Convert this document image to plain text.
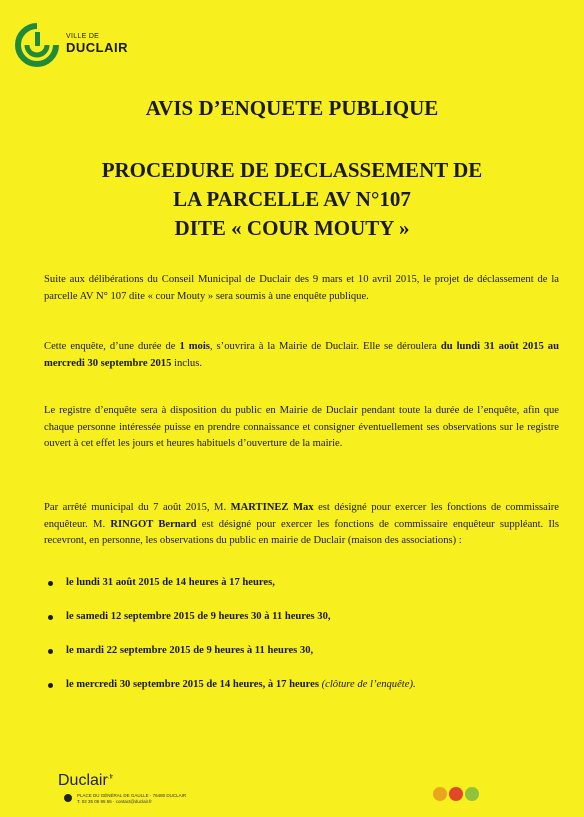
VILLE DE
DUCLAIR
AVIS D’ENQUETE PUBLIQUE
PROCEDURE DE DECLASSEMENT DE
LA PARCELLE AV N°107
DITE « COUR MOUTY »
Suite aux délibérations du Conseil Municipal de Duclair des 9 mars et 10 avril 2015, le projet de déclassement de la parcelle AV N° 107 dite « cour Mouty » sera soumis à une enquête publique.
Cette enquête, d’une durée de 1 mois, s’ouvrira à la Mairie de Duclair. Elle se déroulera du lundi 31 août 2015 au mercredi 30 septembre 2015 inclus.
Le registre d’enquête sera à disposition du public en Mairie de Duclair pendant toute la durée de l’enquête, afin que chaque personne intéressée puisse en prendre connaissance et consigner éventuellement ses observations sur le registre ouvert à cet effet les jours et heures habituels d’ouverture de la mairie.
Par arrêté municipal du 7 août 2015, M. MARTINEZ Max est désigné pour exercer les fonctions de commissaire enquêteur. M. RINGOT Bernard est désigné pour exercer les fonctions de commissaire enquêteur suppléant. Ils recevront, en personne, les observations du public en mairie de Duclair (maison des associations) :
le lundi 31 août 2015 de 14 heures à 17 heures,
le samedi 12 septembre 2015 de 9 heures 30 à 11 heures 30,
le mardi 22 septembre 2015 de 9 heures à 11 heures 30,
le mercredi 30 septembre 2015 de 14 heures, à 17 heures (clôture de l’enquête).
Duclair$^{.fr}$
PLACE DU GÉNÉRAL DE GAULLE · 76480 DUCLAIR
T. 02 35 05 95 55 · contact@duclair.fr
